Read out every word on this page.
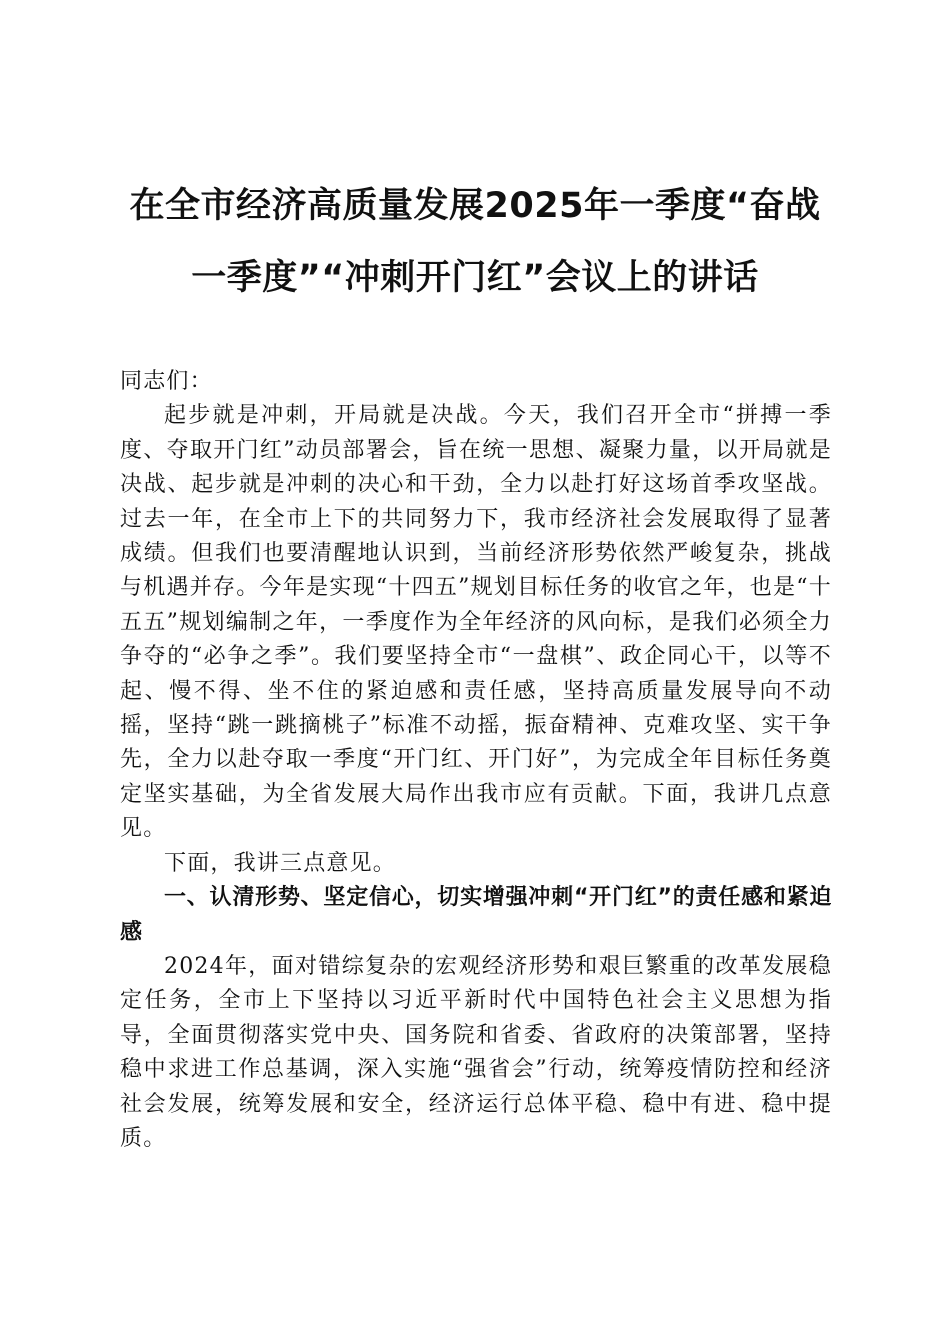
在全市经济高质量发展2025年一季度“奋战
一季度”“冲刺开门红”会议上的讲话

同志们：

起步就是冲刺，开局就是决战。今天，我们召开全市“拼搏一季度、夺取开门红”动员部署会，旨在统一思想、凝聚力量，以开局就是决战、起步就是冲刺的决心和干劲，全力以赴打好这场首季攻坚战。过去一年，在全市上下的共同努力下，我市经济社会发展取得了显著成绩。但我们也要清醒地认识到，当前经济形势依然严峻复杂，挑战与机遇并存。今年是实现“十四五”规划目标任务的收官之年，也是“十五五”规划编制之年，一季度作为全年经济的风向标，是我们必须全力争夺的“必争之季”。我们要坚持全市“一盘棋”、政企同心干，以等不起、慢不得、坐不住的紧迫感和责任感，坚持高质量发展导向不动摇，坚持“跳一跳摘桃子”标准不动摇，振奋精神、克难攻坚、实干争先，全力以赴夺取一季度“开门红、开门好”，为完成全年目标任务奠定坚实基础，为全省发展大局作出我市应有贡献。下面，我讲几点意见。

下面，我讲三点意见。

一、认清形势、坚定信心，切实增强冲刺“开门红”的责任感和紧迫感

2024年，面对错综复杂的宏观经济形势和艰巨繁重的改革发展稳定任务，全市上下坚持以习近平新时代中国特色社会主义思想为指导，全面贯彻落实党中央、国务院和省委、省政府的决策部署，坚持稳中求进工作总基调，深入实施“强省会”行动，统筹疫情防控和经济社会发展，统筹发展和安全，经济运行总体平稳、稳中有进、稳中提质。
